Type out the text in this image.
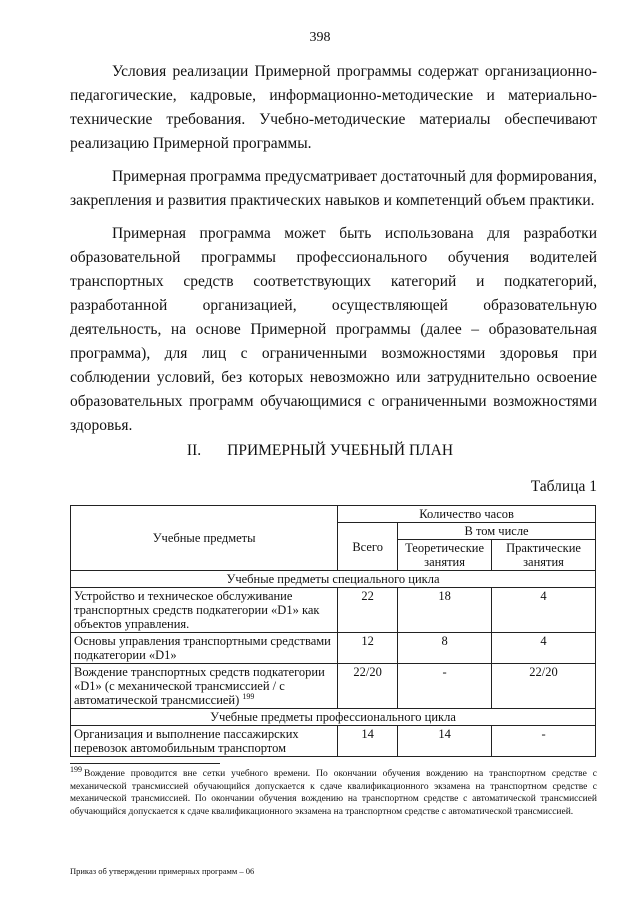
398

Условия реализации Примерной программы содержат организационно-педагогические, кадровые, информационно-методические и материально-технические требования. Учебно-методические материалы обеспечивают реализацию Примерной программы.

Примерная программа предусматривает достаточный для формирования, закрепления и развития практических навыков и компетенций объем практики.

Примерная программа может быть использована для разработки образовательной программы профессионального обучения водителей транспортных средств соответствующих категорий и подкатегорий, разработанной организацией, осуществляющей образовательную деятельность, на основе Примерной программы (далее – образовательная программа), для лиц с ограниченными возможностями здоровья при соблюдении условий, без которых невозможно или затруднительно освоение образовательных программ обучающимися с ограниченными возможностями здоровья.

II. ПРИМЕРНЫЙ УЧЕБНЫЙ ПЛАН
Таблица 1
Учебные предметы	Количество часов		
	Всего	В том числе	
		Теоретические занятия	Практические занятия
Учебные предметы специального цикла			
Устройство и техническое обслуживание транспортных средств подкатегории «D1» как объектов управления.	22	18	4
Основы управления транспортными средствами подкатегории «D1»	12	8	4
Вождение транспортных средств подкатегории «D1» (с механической трансмиссией / с автоматической трансмиссией) $^{199}$	22/20	-	22/20
Учебные предметы профессионального цикла			
Организация и выполнение пассажирских перевозок автомобильным транспортом	14	14	-
$^{199}$ Вождение проводится вне сетки учебного времени. По окончании обучения вождению на транспортном средстве с механической трансмиссией обучающийся допускается к сдаче квалификационного экзамена на транспортном средстве с механической трансмиссией. По окончании обучения вождению на транспортном средстве с автоматической трансмиссией обучающийся допускается к сдаче квалификационного экзамена на транспортном средстве с автоматической трансмиссией.
Приказ об утверждении примерных программ – 06
